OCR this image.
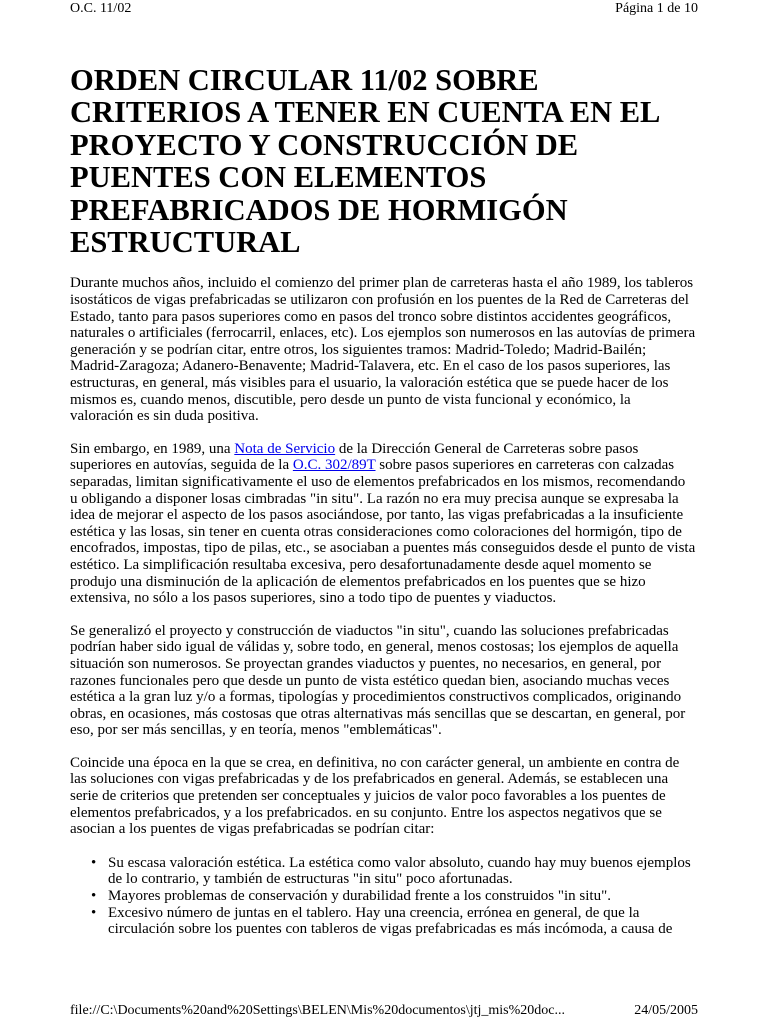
O.C. 11/02	Página 1 de 10
ORDEN CIRCULAR 11/02 SOBRE CRITERIOS A TENER EN CUENTA EN EL PROYECTO Y CONSTRUCCIÓN DE PUENTES CON ELEMENTOS PREFABRICADOS DE HORMIGÓN ESTRUCTURAL

Durante muchos años, incluido el comienzo del primer plan de carreteras hasta el año 1989, los tableros isostáticos de vigas prefabricadas se utilizaron con profusión en los puentes de la Red de Carreteras del Estado, tanto para pasos superiores como en pasos del tronco sobre distintos accidentes geográficos, naturales o artificiales (ferrocarril, enlaces, etc). Los ejemplos son numerosos en las autovías de primera generación y se podrían citar, entre otros, los siguientes tramos: Madrid-Toledo; Madrid-Bailén; Madrid-Zaragoza; Adanero-Benavente; Madrid-Talavera, etc. En el caso de los pasos superiores, las estructuras, en general, más visibles para el usuario, la valoración estética que se puede hacer de los mismos es, cuando menos, discutible, pero desde un punto de vista funcional y económico, la valoración es sin duda positiva.

Sin embargo, en 1989, una Nota de Servicio de la Dirección General de Carreteras sobre pasos superiores en autovías, seguida de la O.C. 302/89T sobre pasos superiores en carreteras con calzadas separadas, limitan significativamente el uso de elementos prefabricados en los mismos, recomendando u obligando a disponer losas cimbradas "in situ". La razón no era muy precisa aunque se expresaba la idea de mejorar el aspecto de los pasos asociándose, por tanto, las vigas prefabricadas a la insuficiente estética y las losas, sin tener en cuenta otras consideraciones como coloraciones del hormigón, tipo de encofrados, impostas, tipo de pilas, etc., se asociaban a puentes más conseguidos desde el punto de vista estético. La simplificación resultaba excesiva, pero desafortunadamente desde aquel momento se produjo una disminución de la aplicación de elementos prefabricados en los puentes que se hizo extensiva, no sólo a los pasos superiores, sino a todo tipo de puentes y viaductos.

Se generalizó el proyecto y construcción de viaductos "in situ", cuando las soluciones prefabricadas podrían haber sido igual de válidas y, sobre todo, en general, menos costosas; los ejemplos de aquella situación son numerosos. Se proyectan grandes viaductos y puentes, no necesarios, en general, por razones funcionales pero que desde un punto de vista estético quedan bien, asociando muchas veces estética a la gran luz y/o a formas, tipologías y procedimientos constructivos complicados, originando obras, en ocasiones, más costosas que otras alternativas más sencillas que se descartan, en general, por eso, por ser más sencillas, y en teoría, menos "emblemáticas".

Coincide una época en la que se crea, en definitiva, no con carácter general, un ambiente en contra de las soluciones con vigas prefabricadas y de los prefabricados en general. Además, se establecen una serie de criterios que pretenden ser conceptuales y juicios de valor poco favorables a los puentes de elementos prefabricados, y a los prefabricados. en su conjunto. Entre los aspectos negativos que se asocian a los puentes de vigas prefabricadas se podrían citar:

• Su escasa valoración estética. La estética como valor absoluto, cuando hay muy buenos ejemplos de lo contrario, y también de estructuras "in situ" poco afortunadas.
• Mayores problemas de conservación y durabilidad frente a los construidos "in situ".
• Excesivo número de juntas en el tablero. Hay una creencia, errónea en general, de que la circulación sobre los puentes con tableros de vigas prefabricadas es más incómoda, a causa de
file://C:\Documents%20and%20Settings\BELEN\Mis%20documentos\jtj_mis%20doc...	24/05/2005
